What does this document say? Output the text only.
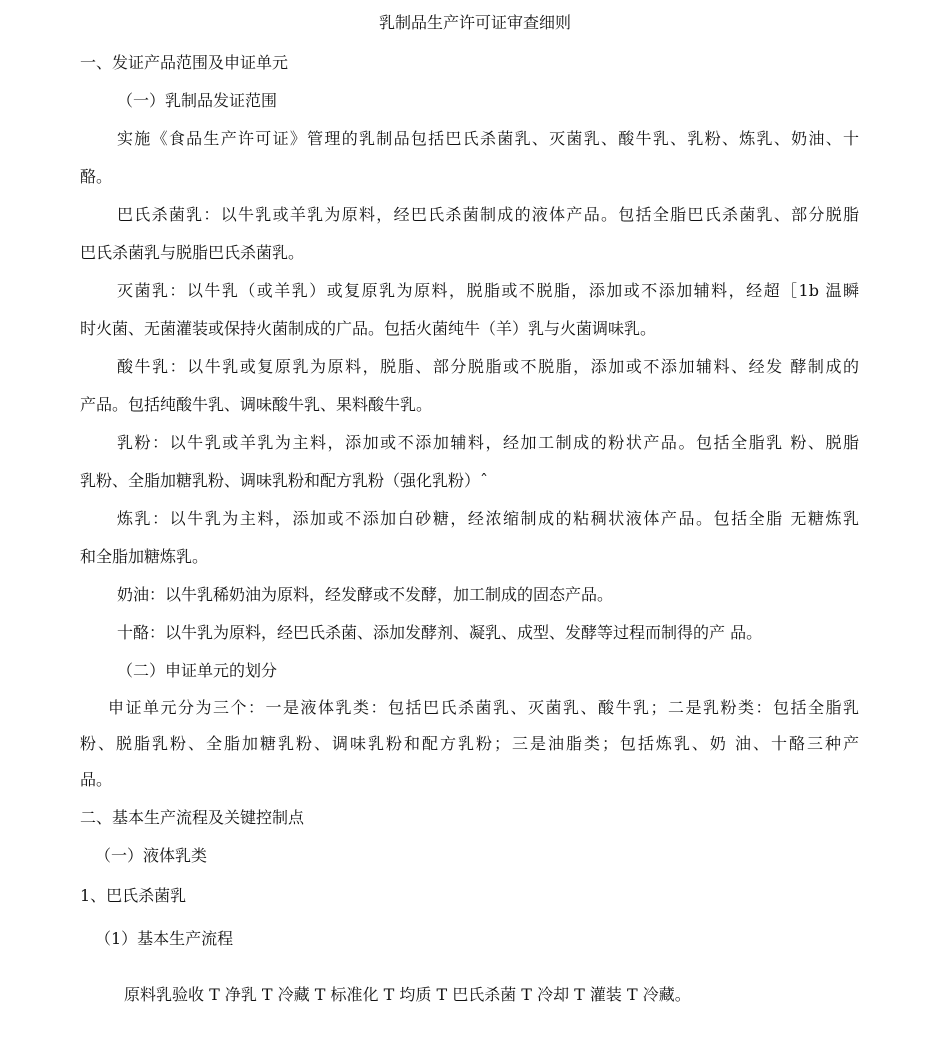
乳制品生产许可证审查细则
一、发证产品范围及申证单元
（一）乳制品发证范围
实施《食品生产许可证》管理的乳制品包括巴氏杀菌乳、灭菌乳、酸牛乳、乳粉、炼乳、奶油、十
酪。
巴氏杀菌乳：以牛乳或羊乳为原料，经巴氏杀菌制成的液体产品。包括全脂巴氏杀菌乳、部分脱脂
巴氏杀菌乳与脱脂巴氏杀菌乳。
灭菌乳：以牛乳（或羊乳）或复原乳为原料，脱脂或不脱脂，添加或不添加辅料，经超［1b 温瞬
时火菌、无菌灌装或保持火菌制成的广品。包括火菌纯牛（羊）乳与火菌调味乳。
酸牛乳：以牛乳或复原乳为原料，脱脂、部分脱脂或不脱脂，添加或不添加辅料、经发 酵制成的
产品。包括纯酸牛乳、调味酸牛乳、果料酸牛乳。
乳粉：以牛乳或羊乳为主料，添加或不添加辅料，经加工制成的粉状产品。包括全脂乳 粉、脱脂
乳粉、全脂加糖乳粉、调味乳粉和配方乳粉（强化乳粉）ˆ
炼乳：以牛乳为主料，添加或不添加白砂糖，经浓缩制成的粘稠状液体产品。包括全脂 无糖炼乳
和全脂加糖炼乳。
奶油：以牛乳稀奶油为原料，经发酵或不发酵，加工制成的固态产品。
十酪：以牛乳为原料，经巴氏杀菌、添加发酵剂、凝乳、成型、发酵等过程而制得的产 品。
（二）申证单元的划分
申证单元分为三个：一是液体乳类：包括巴氏杀菌乳、灭菌乳、酸牛乳；二是乳粉类：包括全脂乳
粉、脱脂乳粉、全脂加糖乳粉、调味乳粉和配方乳粉；三是油脂类；包括炼乳、奶 油、十酪三种产
品。
二、基本生产流程及关键控制点
（一）液体乳类
1、巴氏杀菌乳
（1）基本生产流程
原料乳验收 T 净乳 T 冷藏 T 标准化 T 均质 T 巴氏杀菌 T 冷却 T 灌装 T 冷藏。
